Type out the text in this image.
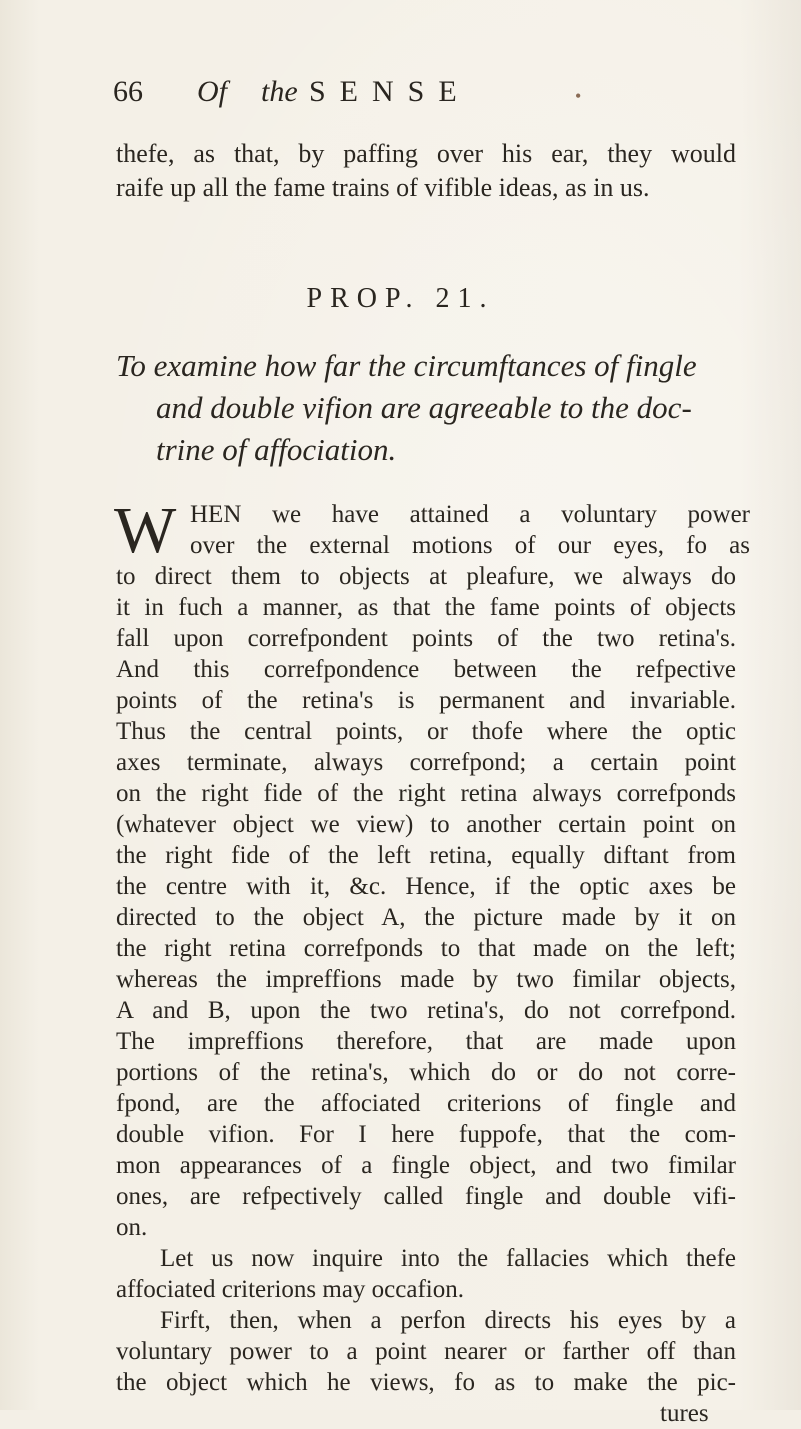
66 Of the SENSE	•
thefe, as that, by paffing over his ear, they would
raife up all the fame trains of vifible ideas, as in us.
PROP. 21.
To examine how far the circumftances of fingle
and double vifion are agreeable to the doc-
trine of affociation.
W HEN we have attained a voluntary power
over the external motions of our eyes, fo as
to direct them to objects at pleafure, we always do
it in fuch a manner, as that the fame points of objects
fall upon correfpondent points of the two retina's.
And this correfpondence between the refpective
points of the retina's is permanent and invariable.
Thus the central points, or thofe where the optic
axes terminate, always correfpond; a certain point
on the right fide of the right retina always correfponds
(whatever object we view) to another certain point on
the right fide of the left retina, equally diftant from
the centre with it, &c. Hence, if the optic axes be
directed to the object A, the picture made by it on
the right retina correfponds to that made on the left;
whereas the impreffions made by two fimilar objects,
A and B, upon the two retina's, do not correfpond.
The impreffions therefore, that are made upon
portions of the retina's, which do or do not corre-
fpond, are the affociated criterions of fingle and
double vifion. For I here fuppofe, that the com-
mon appearances of a fingle object, and two fimilar
ones, are refpectively called fingle and double vifi-
on.
Let us now inquire into the fallacies which thefe
affociated criterions may occafion.
Firft, then, when a perfon directs his eyes by a
voluntary power to a point nearer or farther off than
the object which he views, fo as to make the pic-
tures
